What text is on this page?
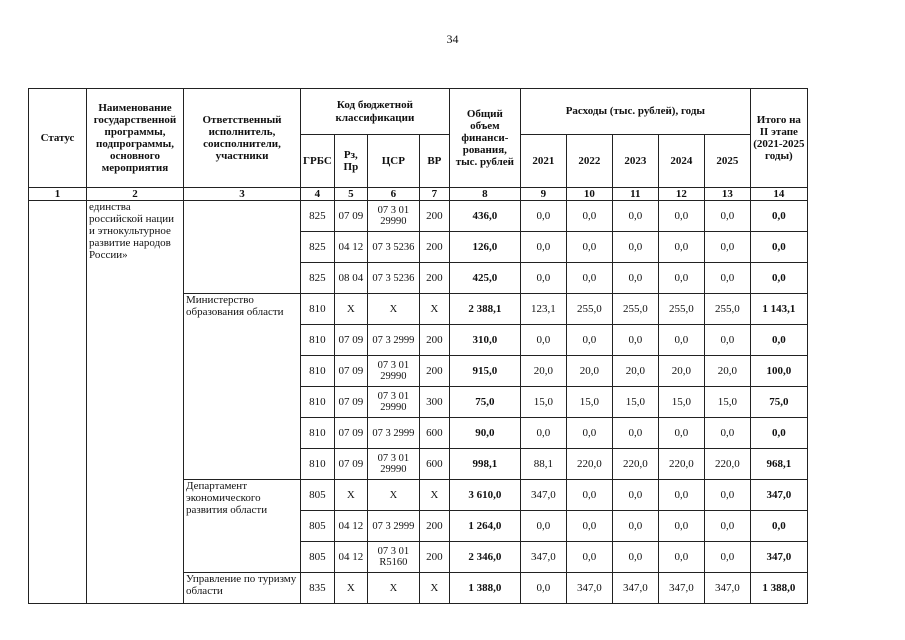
34
Статус	Наименование государственной программы, подпрограммы, основного мероприятия	Ответственный исполнитель, соисполнители, участники	Код бюджетной классификации				Общий объем финанси-рования, тыс. рублей	Расходы (тыс. рублей), годы					Итого на II этапе (2021-2025 годы)
			ГРБС	Рз, Пр	ЦСР	ВР		2021	2022	2023	2024	2025	
1	2	3	4	5	6	7	8	9	10	11	12	13	14
	единства российской нации и этнокультурное развитие народов России»		825	07 09	07 3 01 29990	200	436,0	0,0	0,0	0,0	0,0	0,0	0,0
			825	04 12	07 3 5236	200	126,0	0,0	0,0	0,0	0,0	0,0	0,0
			825	08 04	07 3 5236	200	425,0	0,0	0,0	0,0	0,0	0,0	0,0
		Министерство образования области	810	Х	Х	Х	2 388,1	123,1	255,0	255,0	255,0	255,0	1 143,1
			810	07 09	07 3 2999	200	310,0	0,0	0,0	0,0	0,0	0,0	0,0
			810	07 09	07 3 01 29990	200	915,0	20,0	20,0	20,0	20,0	20,0	100,0
			810	07 09	07 3 01 29990	300	75,0	15,0	15,0	15,0	15,0	15,0	75,0
			810	07 09	07 3 2999	600	90,0	0,0	0,0	0,0	0,0	0,0	0,0
			810	07 09	07 3 01 29990	600	998,1	88,1	220,0	220,0	220,0	220,0	968,1
		Департамент экономического развития области	805	Х	Х	Х	3 610,0	347,0	0,0	0,0	0,0	0,0	347,0
			805	04 12	07 3 2999	200	1 264,0	0,0	0,0	0,0	0,0	0,0	0,0
			805	04 12	07 3 01 R5160	200	2 346,0	347,0	0,0	0,0	0,0	0,0	347,0
		Управление по туризму области	835	Х	Х	Х	1 388,0	0,0	347,0	347,0	347,0	347,0	1 388,0
